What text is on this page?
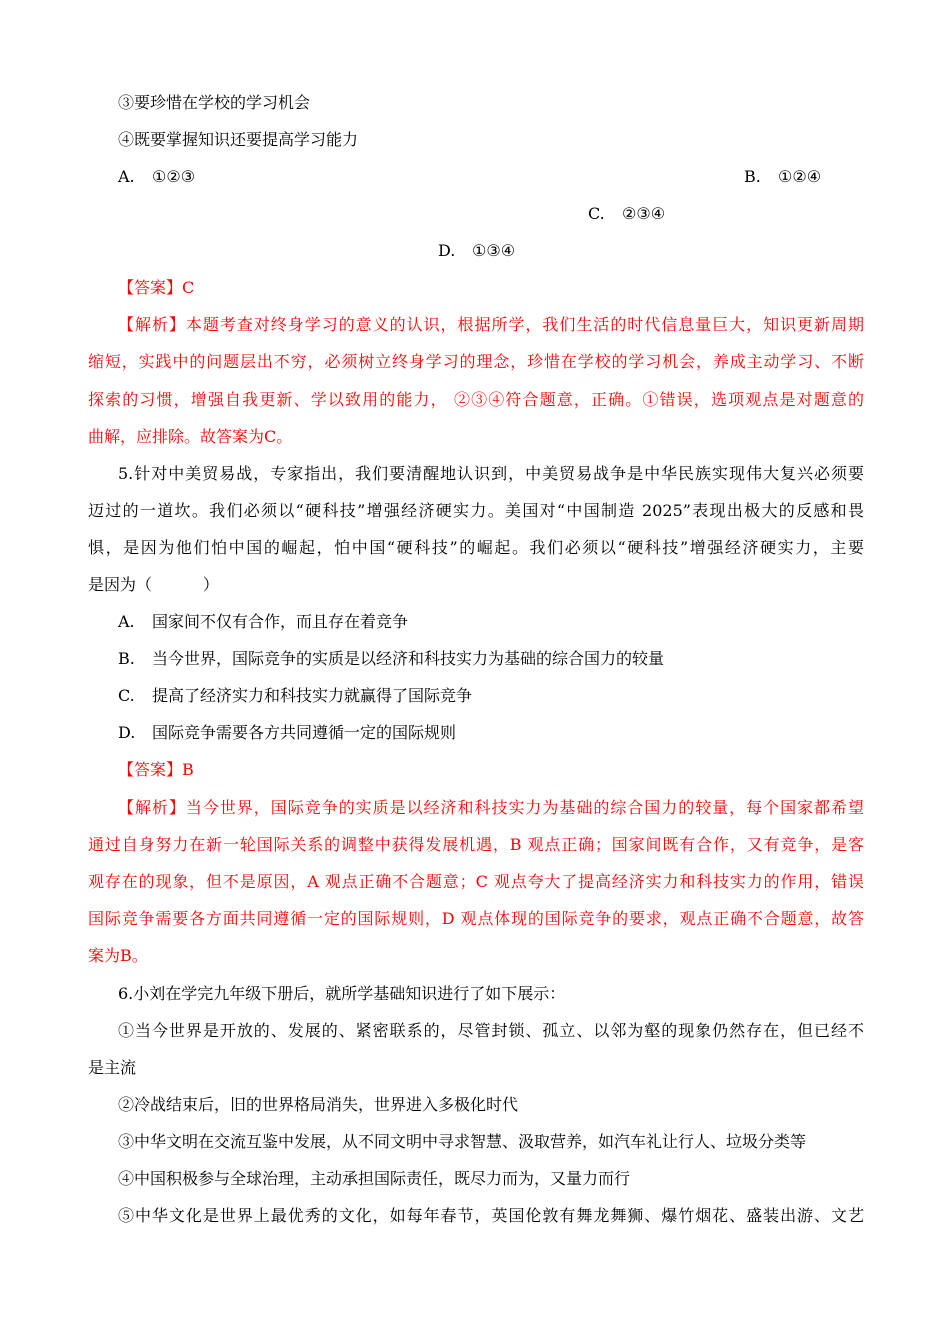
③要珍惜在学校的学习机会

④既要掌握知识还要提高学习能力

A. ①②③	B. ①②④
C. ②③④
D. ①③④

【答案】C

【解析】本题考查对终身学习的意义的认识，根据所学，我们生活的时代信息量巨大，知识更新周期

缩短，实践中的问题层出不穷，必须树立终身学习的理念，珍惜在学校的学习机会，养成主动学习、不断

探索的习惯，增强自我更新、学以致用的能力， ②③④符合题意，正确。①错误，选项观点是对题意的

曲解，应排除。故答案为C。

5.针对中美贸易战，专家指出，我们要清醒地认识到，中美贸易战争是中华民族实现伟大复兴必须要

迈过的一道坎。我们必须以“硬科技”增强经济硬实力。美国对“中国制造 2025”表现出极大的反感和畏

惧，是因为他们怕中国的崛起，怕中国“硬科技”的崛起。我们必须以“硬科技”增强经济硬实力，主要

是因为（          ）

A. 国家间不仅有合作，而且存在着竞争
B. 当今世界，国际竞争的实质是以经济和科技实力为基础的综合国力的较量
C. 提高了经济实力和科技实力就赢得了国际竞争
D. 国际竞争需要各方共同遵循一定的国际规则

【答案】B

【解析】当今世界，国际竞争的实质是以经济和科技实力为基础的综合国力的较量，每个国家都希望

通过自身努力在新一轮国际关系的调整中获得发展机遇，B 观点正确；国家间既有合作，又有竞争，是客

观存在的现象，但不是原因，A 观点正确不合题意；C 观点夸大了提高经济实力和科技实力的作用，错误

国际竞争需要各方面共同遵循一定的国际规则，D 观点体现的国际竞争的要求，观点正确不合题意，故答

案为B。

6.小刘在学完九年级下册后，就所学基础知识进行了如下展示：

①当今世界是开放的、发展的、紧密联系的，尽管封锁、孤立、以邻为壑的现象仍然存在，但已经不

是主流

②冷战结束后，旧的世界格局消失，世界进入多极化时代

③中华文明在交流互鉴中发展，从不同文明中寻求智慧、汲取营养，如汽车礼让行人、垃圾分类等

④中国积极参与全球治理，主动承担国际责任，既尽力而为，又量力而行

⑤中华文化是世界上最优秀的文化，如每年春节，英国伦敦有舞龙舞狮、爆竹烟花、盛装出游、文艺
